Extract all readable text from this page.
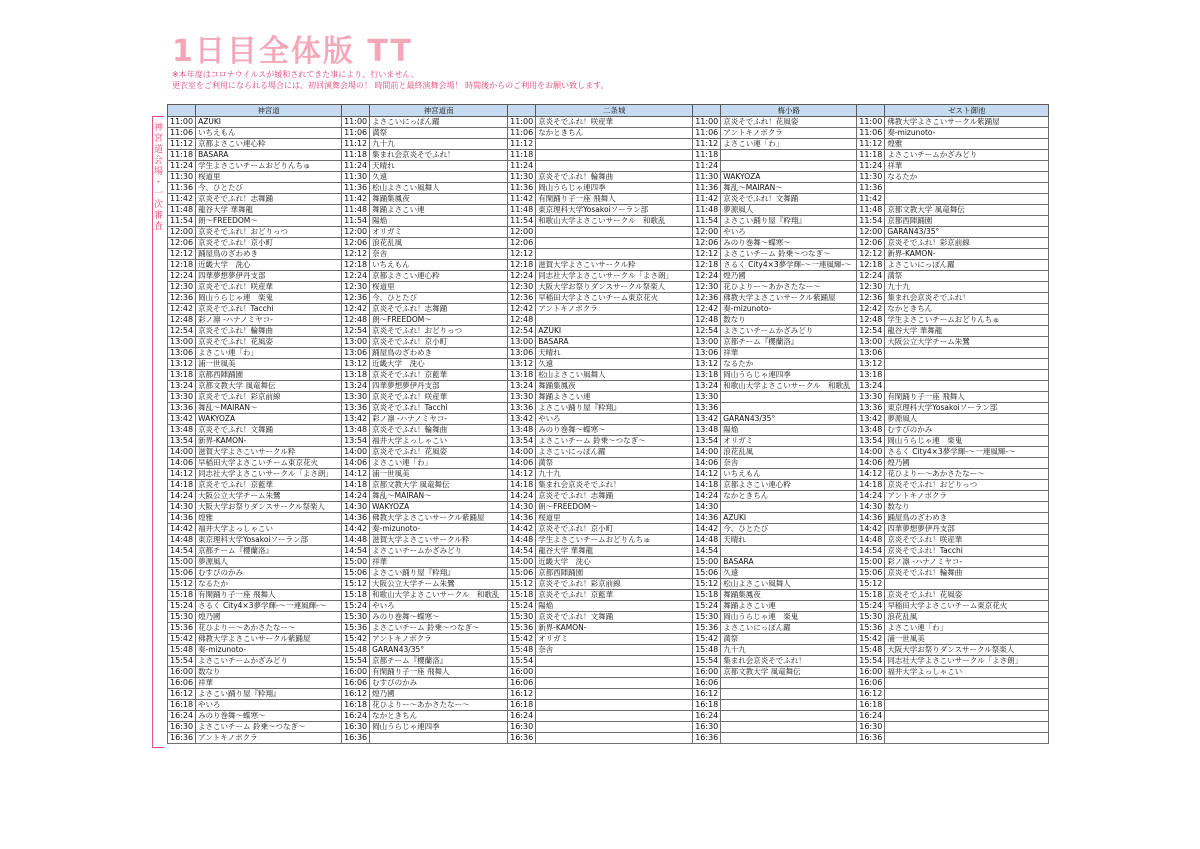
1日目全体版 TT
※本年度はコロナウイルスが緩和されてきた事により、行いません。
更衣室をご利用になられる場合には、初回演舞会場の！ 時間前と最終演舞会場！ 時間後からのご利用をお願い致します。
神
宮
道
会
場
・
一
次
審
査
	神宮道		神宮道南		二条城		梅小路		ゼスト御池
11:00	AZUKI	11:00	よさこいにっぽん躍	11:00	京炎そでふれ！咲産華	11:00	京炎そでふれ！花風姿	11:00	佛教大学よさこいサークル紫踊屋
11:06	いちえもん	11:06	満祭	11:06	なかときちん	11:06	アントキノボクラ	11:06	奏-mizunoto-
11:12	京都よさこい連心粋	11:12	九十九	11:12		11:12	よさこい連「わ」	11:12	煌雅
11:18	BASARA	11:18	集まれ会京炎そでふれ！	11:18		11:18		11:18	よさこいチームかざみどり
11:24	学生よさこいチームおどりんちゅ	11:24	天晴れ	11:24		11:24		11:24	祥華
11:30	桜道里	11:30	久遠	11:30	京炎そでふれ！輪舞曲	11:30	WAKYOZA	11:30	なるたか
11:36	今、ひとたび	11:36	松山よさこい風舞人	11:36	岡山うらじゃ連四季	11:36	舞乱～MAIRAN～	11:36	
11:42	京炎そでふれ！志舞踊	11:42	舞踊集鳳夜	11:42	有閑踊り子一座 飛舞人	11:42	京炎そでふれ！文舞踊	11:42	
11:48	龍谷大学 華舞龍	11:48	舞踊よさこい連	11:48	東京理科大学Yosakoiソーラン部	11:48	夢源風人	11:48	京都文教大学 風竜舞伝
11:54	朗～FREEDOM～	11:54	陽焔	11:54	和歌山大学よさこいサークル　和歌乱	11:54	よさこい踊り屋『粋翔』	11:54	京都西陣踊園
12:00	京炎そでふれ！おどりっつ	12:00	オリガミ	12:00		12:00	やいろ	12:00	GARAN43/35°
12:06	京炎そでふれ！京小町	12:06	浪花乱風	12:06		12:06	みのり巻舞～蝶寒～	12:06	京炎そでふれ！彩京前線
12:12	踊屋鳥のざわめき	12:12	奈舎	12:12		12:12	よさこいチーム 鈴乗～つなぎ～	12:12	新界-KAMON-
12:18	近畿大学　洗心	12:18	いちえもん	12:18	滋賀大学よさこいサークル粋	12:18	さるく City4×3夢学輝-～一連風輝-～	12:18	よさこいにっぽん躍
12:24	四華夢想夢伊丹支部	12:24	京都よさこい連心粋	12:24	同志社大学よさこいサークル「よさ朗」	12:24	煌乃國	12:24	満祭
12:30	京炎そでふれ！咲産華	12:30	桜道里	12:30	大阪大学お祭りダンスサークル祭楽人	12:30	花ひよりー～あかさたなー～	12:30	九十九
12:36	岡山うらじゃ連　楽鬼	12:36	今、ひとたび	12:36	早稲田大学よさこいチーム東京花火	12:36	佛教大学よさこいサークル紫踊屋	12:36	集まれ会京炎そでふれ！
12:42	京炎そでふれ！Tacchi	12:42	京炎そでふれ！志舞踊	12:42	アントキノボクラ	12:42	奏-mizunoto-	12:42	なかときちん
12:48	彩ノ凛 -ハナノミヤコ-	12:48	朗～FREEDOM～	12:48		12:48	数なり	12:48	学生よさこいチームおどりんちゅ
12:54	京炎そでふれ！輪舞曲	12:54	京炎そでふれ！おどりっつ	12:54	AZUKI	12:54	よさこいチームかざみどり	12:54	龍谷大学 華舞龍
13:00	京炎そでふれ！花風姿	13:00	京炎そでふれ！京小町	13:00	BASARA	13:00	京都チーム『櫻蘭洛』	13:00	大阪公立大学チーム朱鷺
13:06	よさこい連「わ」	13:06	踊屋鳥のざわめき	13:06	天晴れ	13:06	祥華	13:06	
13:12	浦一世風美	13:12	近畿大学　洗心	13:12	久遠	13:12	なるたか	13:12	
13:18	京都西陣踊園	13:18	京炎そでふれ！京藍華	13:18	松山よさこい風舞人	13:18	岡山うらじゃ連四季	13:18	
13:24	京都文教大学 風竜舞伝	13:24	四華夢想夢伊丹支部	13:24	舞踊集鳳夜	13:24	和歌山大学よさこいサークル　和歌乱	13:24	
13:30	京炎そでふれ！彩京前線	13:30	京炎そでふれ！咲産華	13:30	舞踊よさこい連	13:30		13:30	有閑踊り子一座 飛舞人
13:36	舞乱～MAIRAN～	13:36	京炎そでふれ！Tacchi	13:36	よさこい踊り屋『粋翔』	13:36		13:36	東京理科大学Yosakoiソーラン部
13:42	WAKYOZA	13:42	彩ノ凛 -ハナノミヤコ-	13:42	やいろ	13:42	GARAN43/35°	13:42	夢源風人
13:48	京炎そでふれ！文舞踊	13:48	京炎そでふれ！輪舞曲	13:48	みのり巻舞～蝶寒～	13:48	陽焔	13:48	むすびのかみ
13:54	新界-KAMON-	13:54	福井大学よっしゃこい	13:54	よさこいチーム 鈴乗～つなぎ～	13:54	オリガミ	13:54	岡山うらじゃ連　楽鬼
14:00	滋賀大学よさこいサークル粋	14:00	京炎そでふれ！花風姿	14:00	よさこいにっぽん躍	14:00	浪花乱風	14:00	さるく City4×3夢学輝-～一連風輝-～
14:06	早稲田大学よさこいチーム東京花火	14:06	よさこい連「わ」	14:06	満祭	14:06	奈舎	14:06	煌乃國
14:12	同志社大学よさこいサークル「よさ朗」	14:12	浦一世風美	14:12	九十九	14:12	いちえもん	14:12	花ひよりー～あかさたなー～
14:18	京炎そでふれ！京藍華	14:18	京都文教大学 風竜舞伝	14:18	集まれ会京炎そでふれ！	14:18	京都よさこい連心粋	14:18	京炎そでふれ！おどりっつ
14:24	大阪公立大学チーム朱鷺	14:24	舞乱～MAIRAN～	14:24	京炎そでふれ！志舞踊	14:24	なかときちん	14:24	アントキノボクラ
14:30	大阪大学お祭りダンスサークル祭楽人	14:30	WAKYOZA	14:30	朗～FREEDOM～	14:30		14:30	数なり
14:36	煌雅	14:36	佛教大学よさこいサークル紫踊屋	14:36	桜道里	14:36	AZUKI	14:36	踊屋鳥のざわめき
14:42	福井大学よっしゃこい	14:42	奏-mizunoto-	14:42	京炎そでふれ！京小町	14:42	今、ひとたび	14:42	四華夢想夢伊丹支部
14:48	東京理科大学Yosakoiソーラン部	14:48	滋賀大学よさこいサークル粋	14:48	学生よさこいチームおどりんちゅ	14:48	天晴れ	14:48	京炎そでふれ！咲産華
14:54	京都チーム『櫻蘭洛』	14:54	よさこいチームかざみどり	14:54	龍谷大学 華舞龍	14:54		14:54	京炎そでふれ！Tacchi
15:00	夢源風人	15:00	祥華	15:00	近畿大学　洗心	15:00	BASARA	15:00	彩ノ凛 -ハナノミヤコ-
15:06	むすびのかみ	15:06	よさこい踊り屋『粋翔』	15:06	京都西陣踊園	15:06	久遠	15:06	京炎そでふれ！輪舞曲
15:12	なるたか	15:12	大阪公立大学チーム朱鷺	15:12	京炎そでふれ！彩京前線	15:12	松山よさこい風舞人	15:12	
15:18	有閑踊り子一座 飛舞人	15:18	和歌山大学よさこいサークル　和歌乱	15:18	京炎そでふれ！京藍華	15:18	舞踊集鳳夜	15:18	京炎そでふれ！花風姿
15:24	さるく City4×3夢学輝-～一連風輝-～	15:24	やいろ	15:24	陽焔	15:24	舞踊よさこい連	15:24	早稲田大学よさこいチーム東京花火
15:30	煌乃國	15:30	みのり巻舞～蝶寒～	15:30	京炎そでふれ！文舞踊	15:30	岡山うらじゃ連　楽鬼	15:30	浪花乱風
15:36	花ひよりー～あかさたなー～	15:36	よさこいチーム 鈴乗～つなぎ～	15:36	新界-KAMON-	15:36	よさこいにっぽん躍	15:36	よさこい連「わ」
15:42	佛教大学よさこいサークル紫踊屋	15:42	アントキノボクラ	15:42	オリガミ	15:42	満祭	15:42	浦一世風美
15:48	奏-mizunoto-	15:48	GARAN43/35°	15:48	奈舎	15:48	九十九	15:48	大阪大学お祭りダンスサークル祭楽人
15:54	よさこいチームかざみどり	15:54	京都チーム『櫻蘭洛』	15:54		15:54	集まれ会京炎そでふれ！	15:54	同志社大学よさこいサークル「よさ朗」
16:00	数なり	16:00	有閑踊り子一座 飛舞人	16:00		16:00	京都文教大学 風竜舞伝	16:00	福井大学よっしゃこい
16:06	祥華	16:06	むすびのかみ	16:06		16:06		16:06	
16:12	よさこい踊り屋『粋翔』	16:12	煌乃國	16:12		16:12		16:12	
16:18	やいろ	16:18	花ひよりー～あかさたなー～	16:18		16:18		16:18	
16:24	みのり巻舞～蝶寒～	16:24	なかときちん	16:24		16:24		16:24	
16:30	よさこいチーム 鈴乗～つなぎ～	16:30	岡山うらじゃ連四季	16:30		16:30		16:30	
16:36	アントキノボクラ	16:36		16:36		16:36		16:36	
